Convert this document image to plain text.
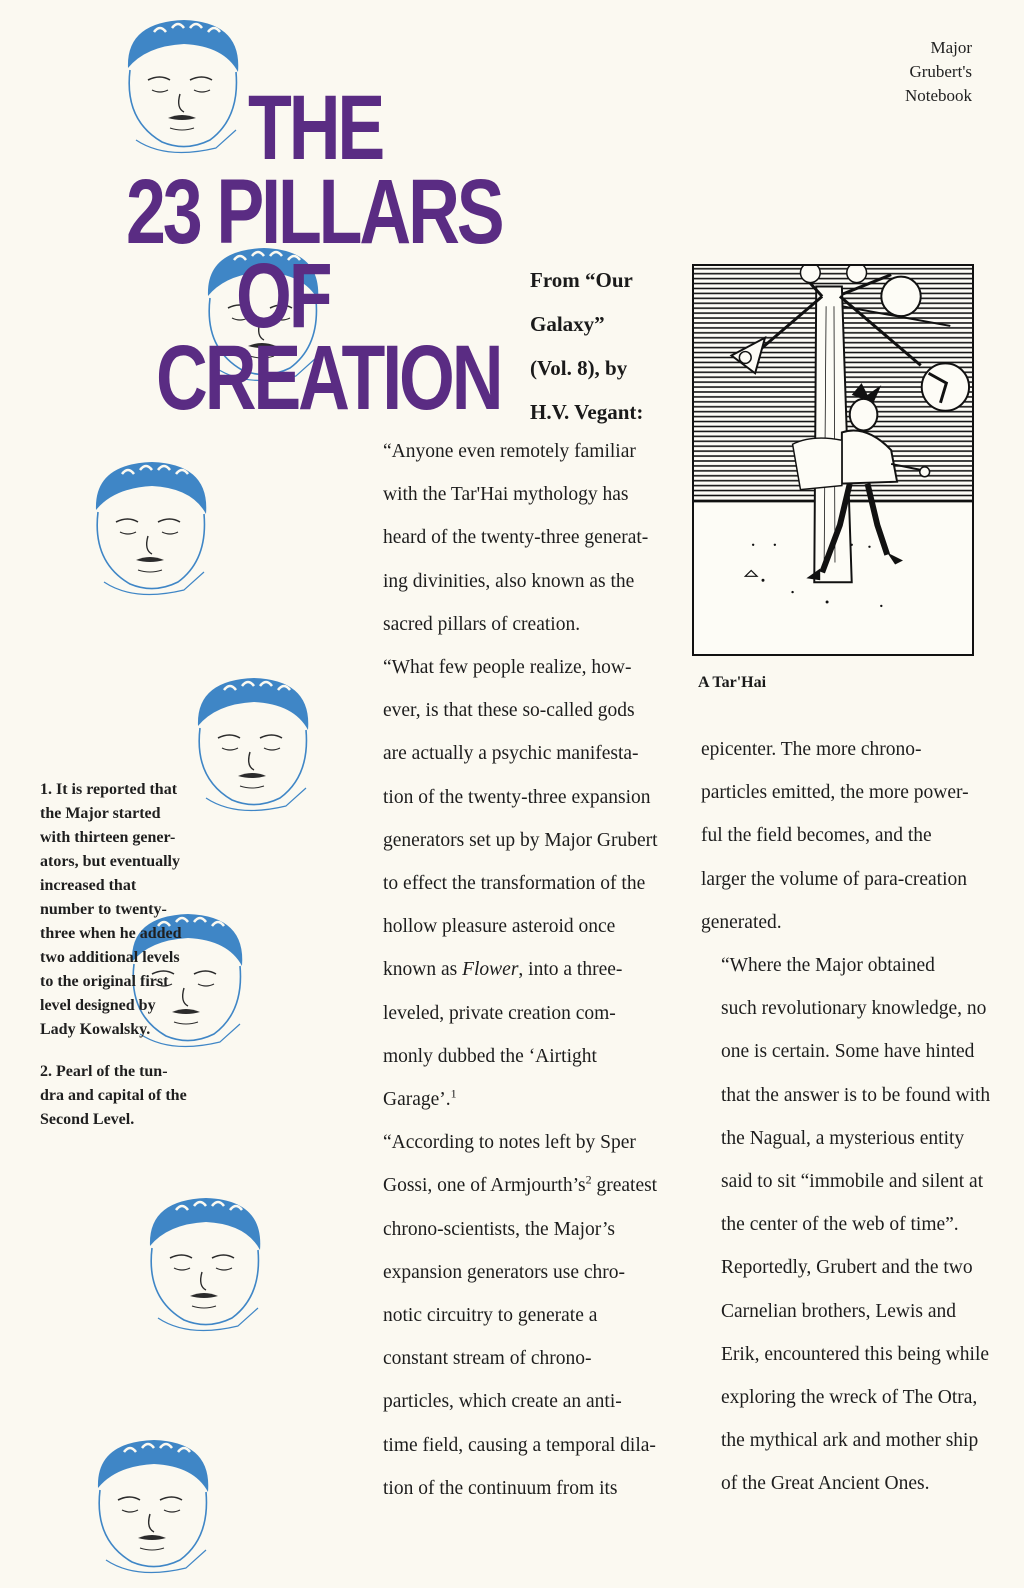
Major
Grubert's
Notebook
THE
23 PILLARS
OF
CREATION
From “Our
Galaxy”
(Vol. 8), by
H.V. Vegant:
A Tar'Hai

1. It is reported that
the Major started
with thirteen gener-
ators, but eventually
increased that
number to twenty-
three when he added
two additional levels
to the original first
level designed by
Lady Kowalsky.

2. Pearl of the tun-
dra and capital of the
Second Level.

“Anyone even remotely familiar
with the Tar'Hai mythology has
heard of the twenty-three generat-
ing divinities, also known as the
sacred pillars of creation.

“What few people realize, how-
ever, is that these so-called gods
are actually a psychic manifesta-
tion of the twenty-three expansion
generators set up by Major Grubert
to effect the transformation of the
hollow pleasure asteroid once
known as Flower, into a three-
leveled, private creation com-
monly dubbed the ‘Airtight
Garage’.$^1$

“According to notes left by Sper
Gossi, one of $Armjourth’s^2$ greatest
chrono-scientists, the Major’s
expansion generators use chro-
notic circuitry to generate a
constant stream of chrono-
particles, which create an anti-
time field, causing a temporal dila-
tion of the continuum from its

epicenter. The more chrono-
particles emitted, the more power-
ful the field becomes, and the
larger the volume of para-creation
generated.

“Where the Major obtained
such revolutionary knowledge, no
one is certain. Some have hinted
that the answer is to be found with
the Nagual, a mysterious entity
said to sit “immobile and silent at
the center of the web of time”.
Reportedly, Grubert and the two
Carnelian brothers, Lewis and
Erik, encountered this being while
exploring the wreck of The Otra,
the mythical ark and mother ship
of the Great Ancient Ones.
